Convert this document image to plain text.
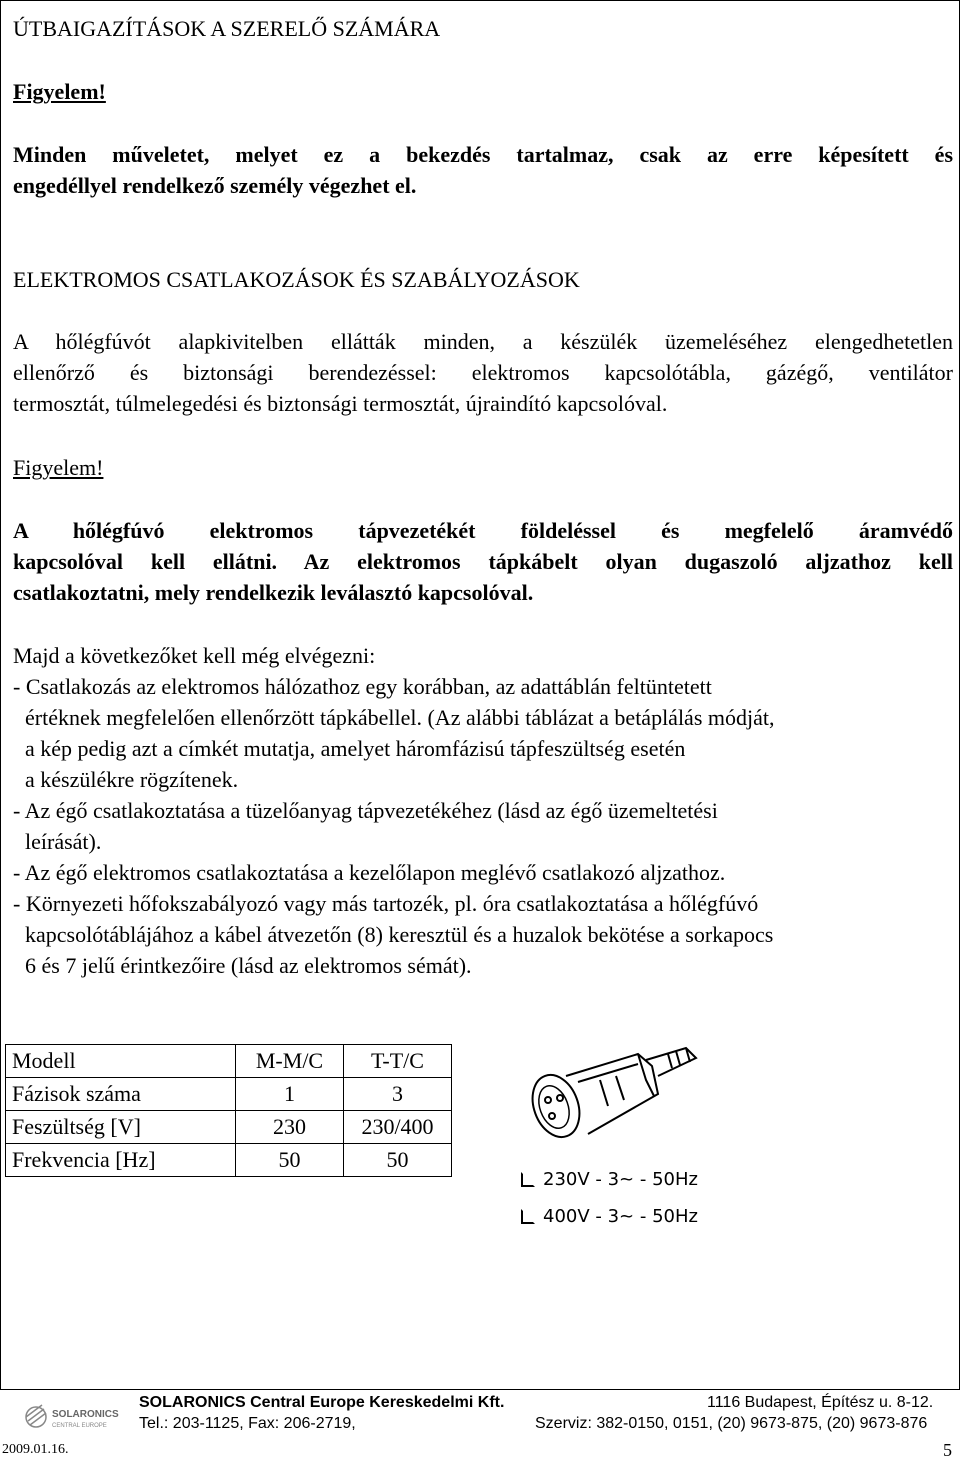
ÚTBAIGAZÍTÁSOK A SZERELŐ SZÁMÁRA
Figyelem!
Minden műveletet, melyet ez a bekezdés tartalmaz, csak az erre képesített és
engedéllyel rendelkező személy végezhet el.
ELEKTROMOS CSATLAKOZÁSOK ÉS SZABÁLYOZÁSOK
A hőlégfúvót alapkivitelben ellátták minden, a készülék üzemeléséhez elengedhetetlen
ellenőrző és biztonsági berendezéssel: elektromos kapcsolótábla, gázégő, ventilátor
termosztát, túlmelegedési és biztonsági termosztát, újraindító kapcsolóval.
Figyelem!
A hőlégfúvó elektromos tápvezetékét földeléssel és megfelelő áramvédő
kapcsolóval kell ellátni. Az elektromos tápkábelt olyan dugaszoló aljzathoz kell
csatlakoztatni, mely rendelkezik leválasztó kapcsolóval.
Majd a következőket kell még elvégezni:
- Csatlakozás az elektromos hálózathoz egy korábban, az adattáblán feltüntetett
értéknek megfelelően ellenőrzött tápkábellel. (Az alábbi táblázat a betáplálás módját,
a kép pedig azt a címkét mutatja, amelyet háromfázisú tápfeszültség esetén
a készülékre rögzítenek.
- Az égő csatlakoztatása a tüzelőanyag tápvezetékéhez (lásd az égő üzemeltetési
leírását).
- Az égő elektromos csatlakoztatása a kezelőlapon meglévő csatlakozó aljzathoz.
- Környezeti hőfokszabályozó vagy más tartozék, pl. óra csatlakoztatása a hőlégfúvó
kapcsolótáblájához a kábel átvezetőn (8) keresztül és a huzalok bekötése a sorkapocs
6 és 7 jelű érintkezőire (lásd az elektromos sémát).
Modell	M-M/C	T-T/C
Fázisok száma	1	3
Feszültség [V]	230	230/400
Frekvencia [Hz]	50	50
230V - 3~ - 50Hz
400V - 3~ - 50Hz
SOLARONICS
CENTRAL EUROPE
SOLARONICS Central Europe Kereskedelmi Kft.	1116 Budapest, Építész u. 8-12.
Tel.: 203-1125, Fax: 206-2719,	Szerviz: 382-0150, 0151, (20) 9673-875, (20) 9673-876
2009.01.16.	5
